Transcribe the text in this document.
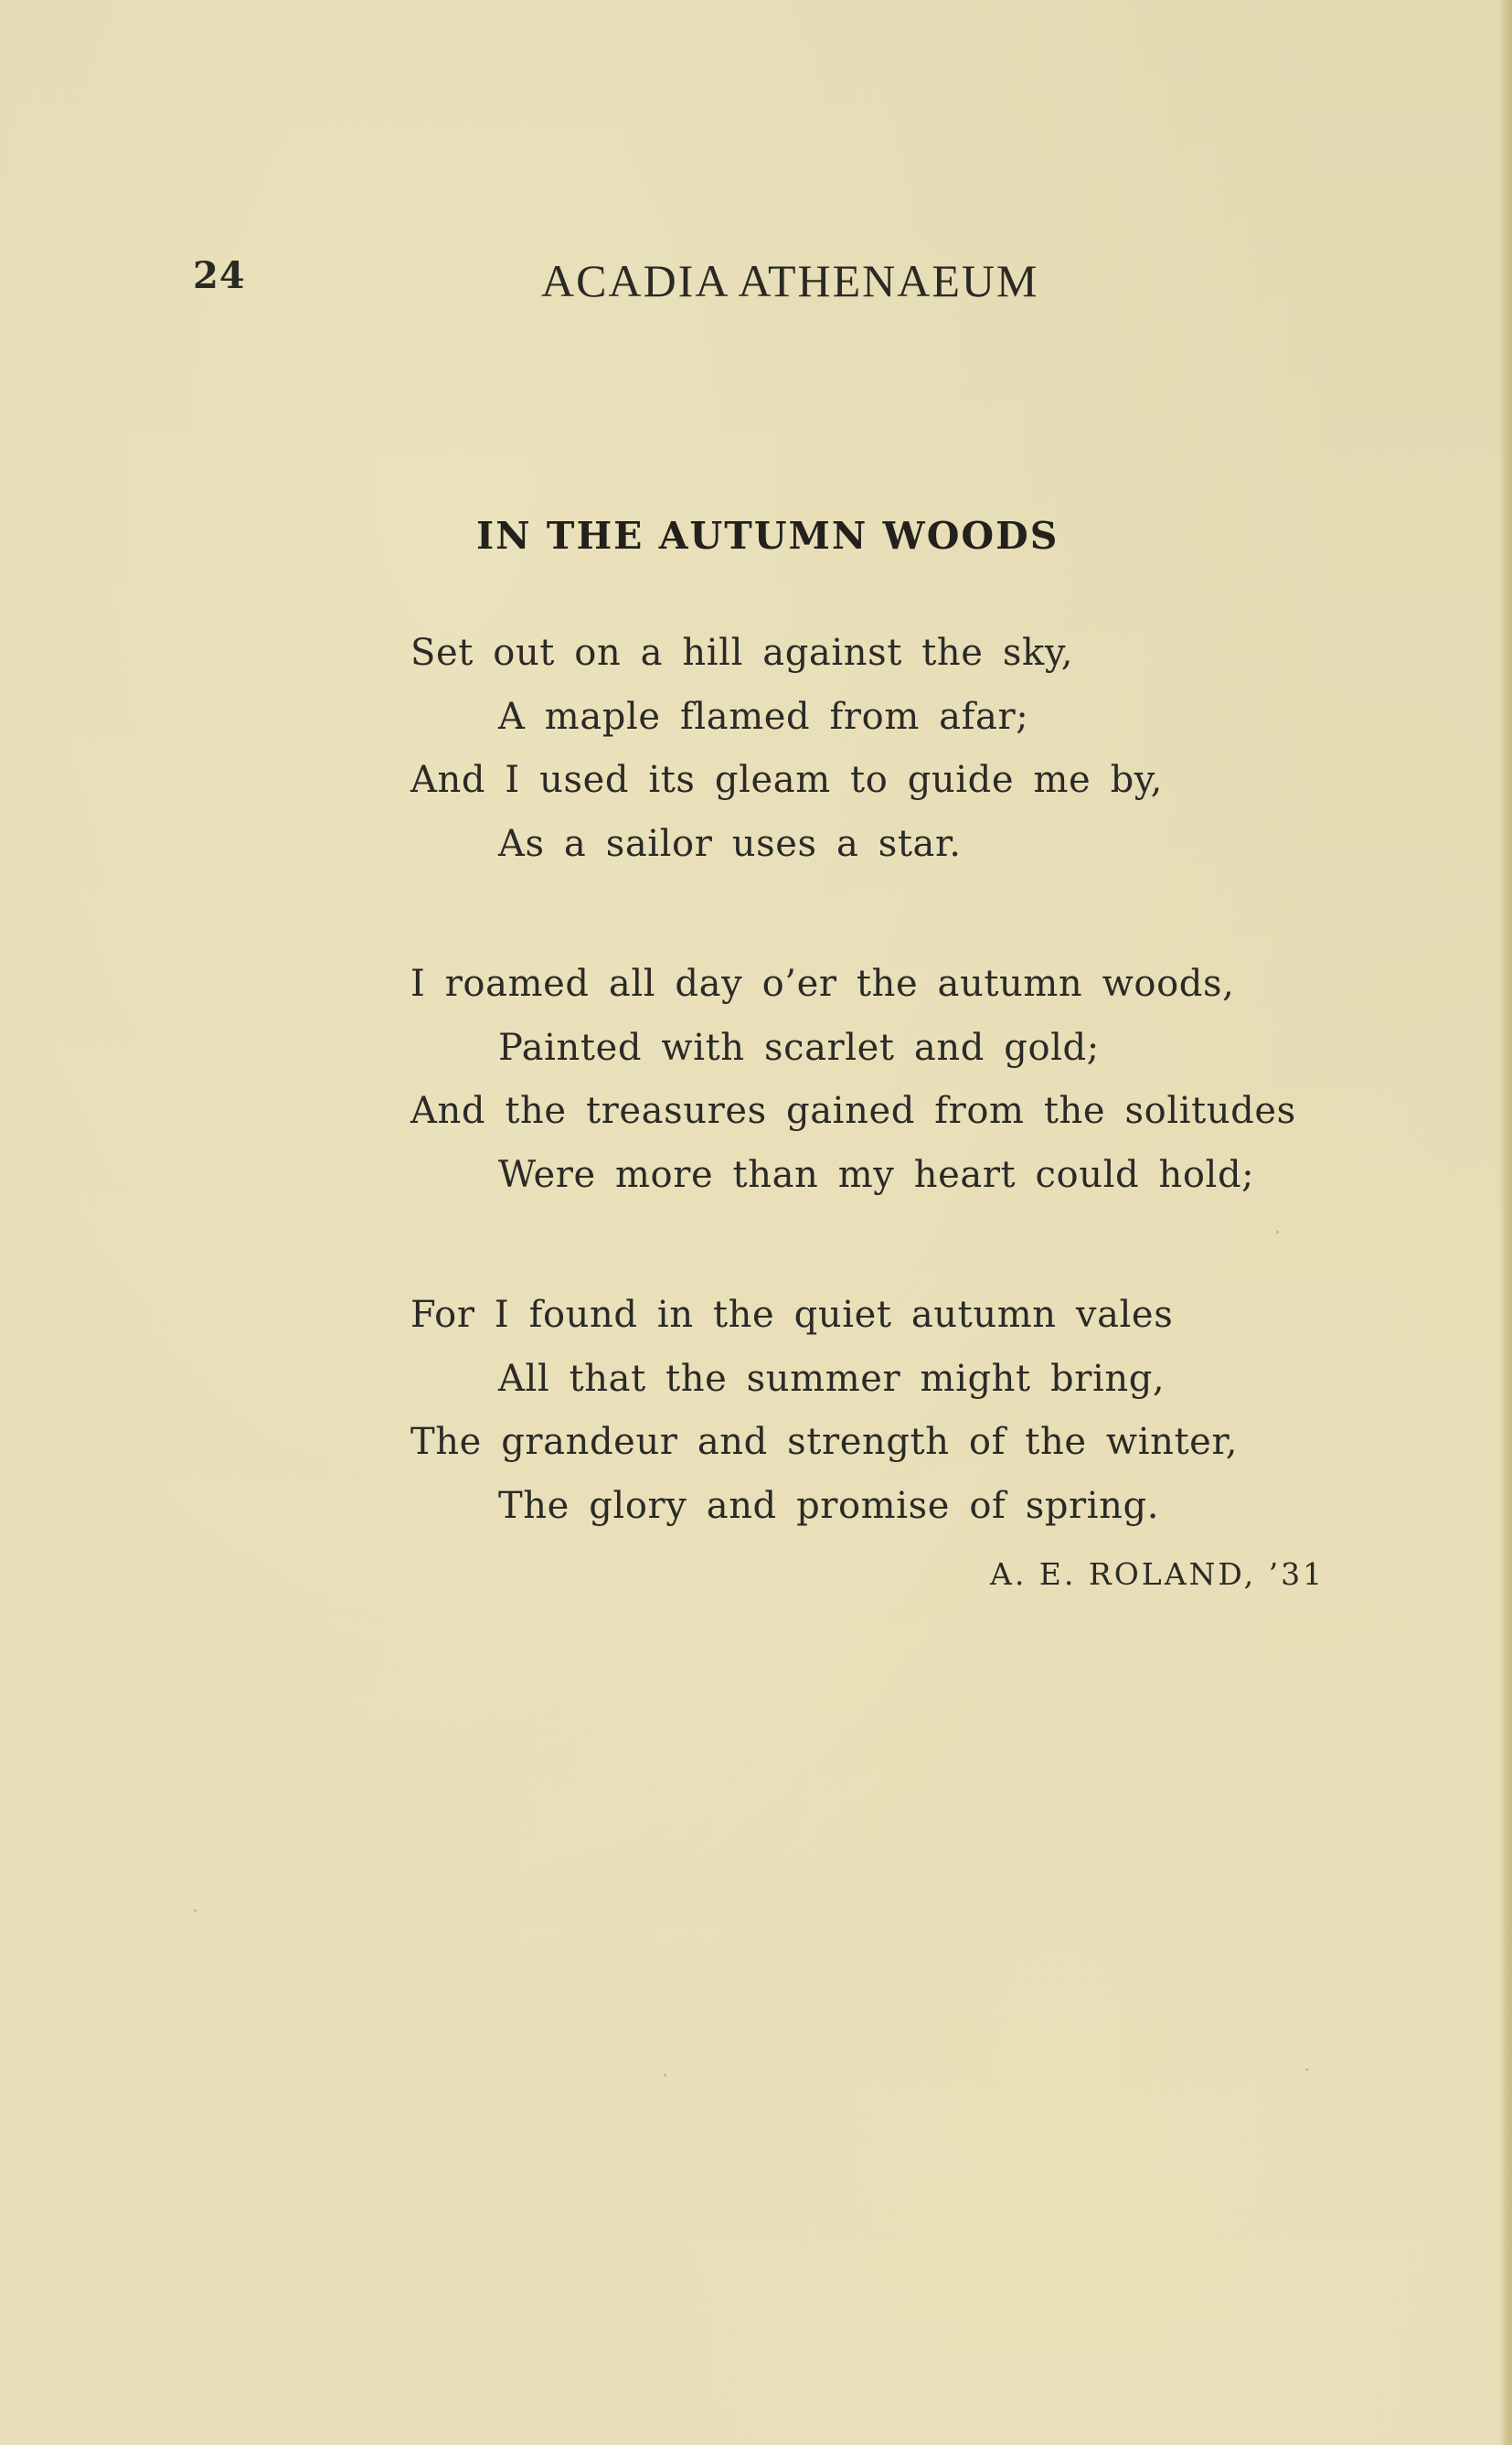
24	ACADIA ATHENAEUM
IN THE AUTUMN WOODS
Set out on a hill against the sky,
A maple flamed from afar;
And I used its gleam to guide me by,
As a sailor uses a star.
I roamed all day o’er the autumn woods,
Painted with scarlet and gold;
And the treasures gained from the solitudes
Were more than my heart could hold;
For I found in the quiet autumn vales
All that the summer might bring,
The grandeur and strength of the winter,
The glory and promise of spring.
A. E. ROLAND, ’31
